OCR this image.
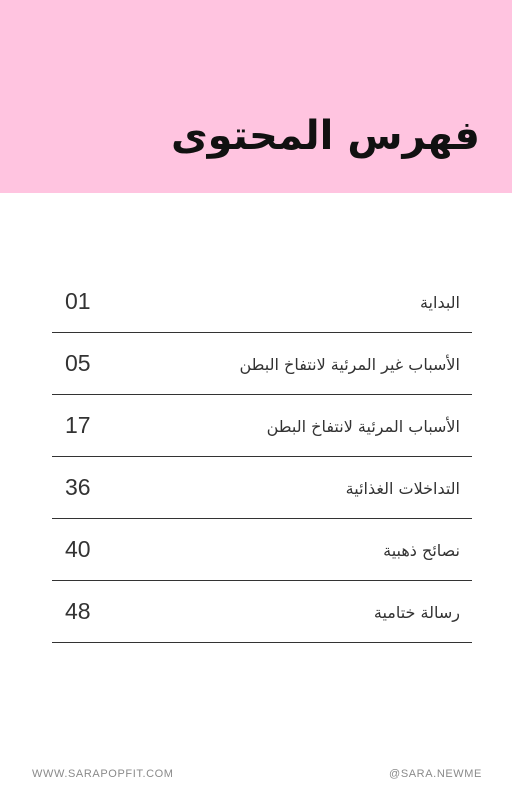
فهرس المحتوى
01	البداية
05	الأسباب غير المرئية لانتفاخ البطن
17	الأسباب المرئية لانتفاخ البطن
36	التداخلات الغذائية
40	نصائح ذهبية
48	رسالة ختامية
WWW.SARAPOPFIT.COM	@SARA.NEWME
